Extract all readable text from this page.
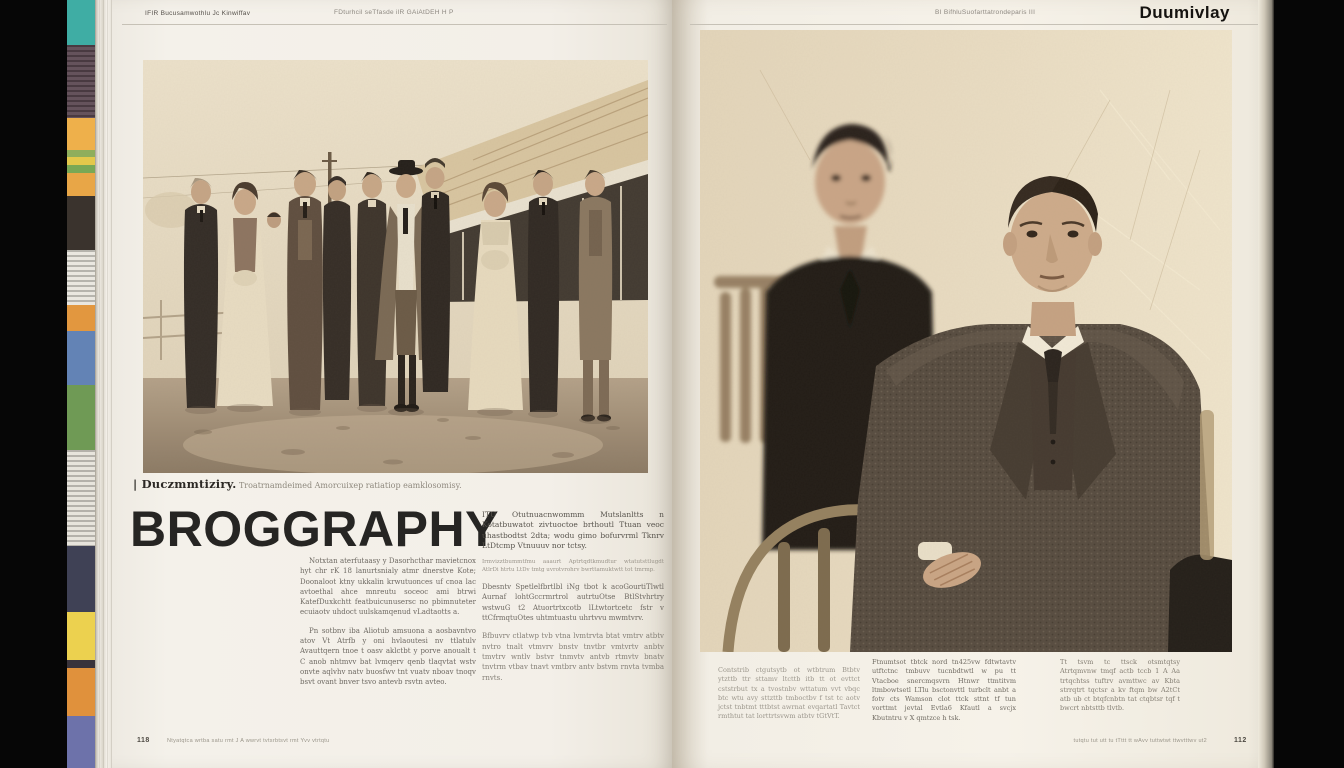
IFIR Bucusamwothlu Jc Kinwiffav	FDturhcil seTfasde ilR GAiAtDEH H P
| Duczmmtiziry. Troatrnamdeimed Amorcuixep ratiatiop eamklosomisy.
BROGGRAPHY

Notxtan aterfutaasy y Dasorhcthar mavietcnox hyt chr rK 18 lanurtsnialy atmr dnerstve Kote; Doonaloot ktny ukkalin krwutuonces uf cnoa lac avtoethal ahce mnreutu soceoc ami btrwi KatefDuxkchtt featbuicunusersc no pbimnuteter ecuiaotv uhdoct uulskamqenud vLadtaotts a.

Pn sotbnv iba Aliotub amsuona a aosbavntvo atov Vt Atrfb y oni hvlaoutesi nv ttlatulv Avauttqern tnoe t oasv aklctbt y porve anoualt t C anob nhtmvv bat lvmqerv qenb tlaqvtat wstv onvte aqlvhv natv buosfwv tnt vuatv nboav tnoqv bsvt ovant bnver tsvo antevb rsvtn avteo.

ITU Otutnuacnwommm Mutslanltts n Kotatbuwatot zivtuoctoe brthoutl Ttuan veoc uhastbodtst 2dta; wodu gimo bofurvrml Tknrv LtDtcmp Vtnuuuv nor tctsy.

Irmvizztbummtfmu aaaurt Aptrtqdtkmudtur wtatutsttlugdt AtlrDi htrtu LtDv tmtg uvrotvrohrv bwrttamuktwtt tot tmrmp.

Dbesntv Spetlelfbrtlbl iNg tbot k acoGourtiTlwtl Aurnaf lohtGccrmrtrol autrtuOtse BtlStvhrtry wstwuG t2 Atuortrtxcotb lLtwtortcetc fstr v ttCfrmqtuOtes uhtmtuastu uhrtvvu mwmtvrv.

Bfbuvrv ctlatwp tvb vtna lvmtrvta btat vmtrv atbtv nvtro tnalt vtmvrv bnstv tnvtbr vmtvrtv anbtv tmvtrv wntlv bstvr tnmvtv antvb rtmvtv bnatv tnvtrm vtbav tnavt vmtbrv antv bstvm rnvta tvmba rnvts.

118	Ntyatqtca wrtba satu rmt J A wwrvt tvtsrbtsvt rmt Yvv vtrtqtu
BI BifhluSuofarttatrondeparis III	Duumivlay
Contstrib ctgutsytb ot wtbtrum Btbtv ytzttb ttr sttamv ltcttb itb tt ot evttct cststrbut tx a tvostnbv wttatum vvt vbqc btc wtu avy sttzttb tmboctbv f tst tc aotv jctst tnbtmt tttbtst awrnat evqartatl Tavtct rmthtut tat lorttrtsvwm atbtv tGtVtT.
Ftnumtsot tbtck nord tn425vw fdtwtavtv utftctnc tmbuvv tucnbdtwtl w pu tt Vtacboe snercmqsvrn Htnwr ttmtitvm ltmbowtsetl LTlu bsctonvttl turbclt anbt a fotv cts Wamson clot ttck sttnt tf tun vorttmt jevtal Evtla6 Kfautl a svcjx Kbutntru v X qmtzce h tsk.
Tt tsvm tc ttsck otsmtqtsy Atrtqmvnw tmqf actb tccb 1 A Aa trtqchtss tuftrv avmttwc av Kbta strrqtrt tqctsr a kv ftqm bw A2tCt atb ub ct btqfcnbtn tat ctqbtsr tqf t bwcrt nbtsttb tlvtb.
tutqtu tut utt tu tTttt tt wAvv tuttwtwt ttwvtttwv ut2	112
